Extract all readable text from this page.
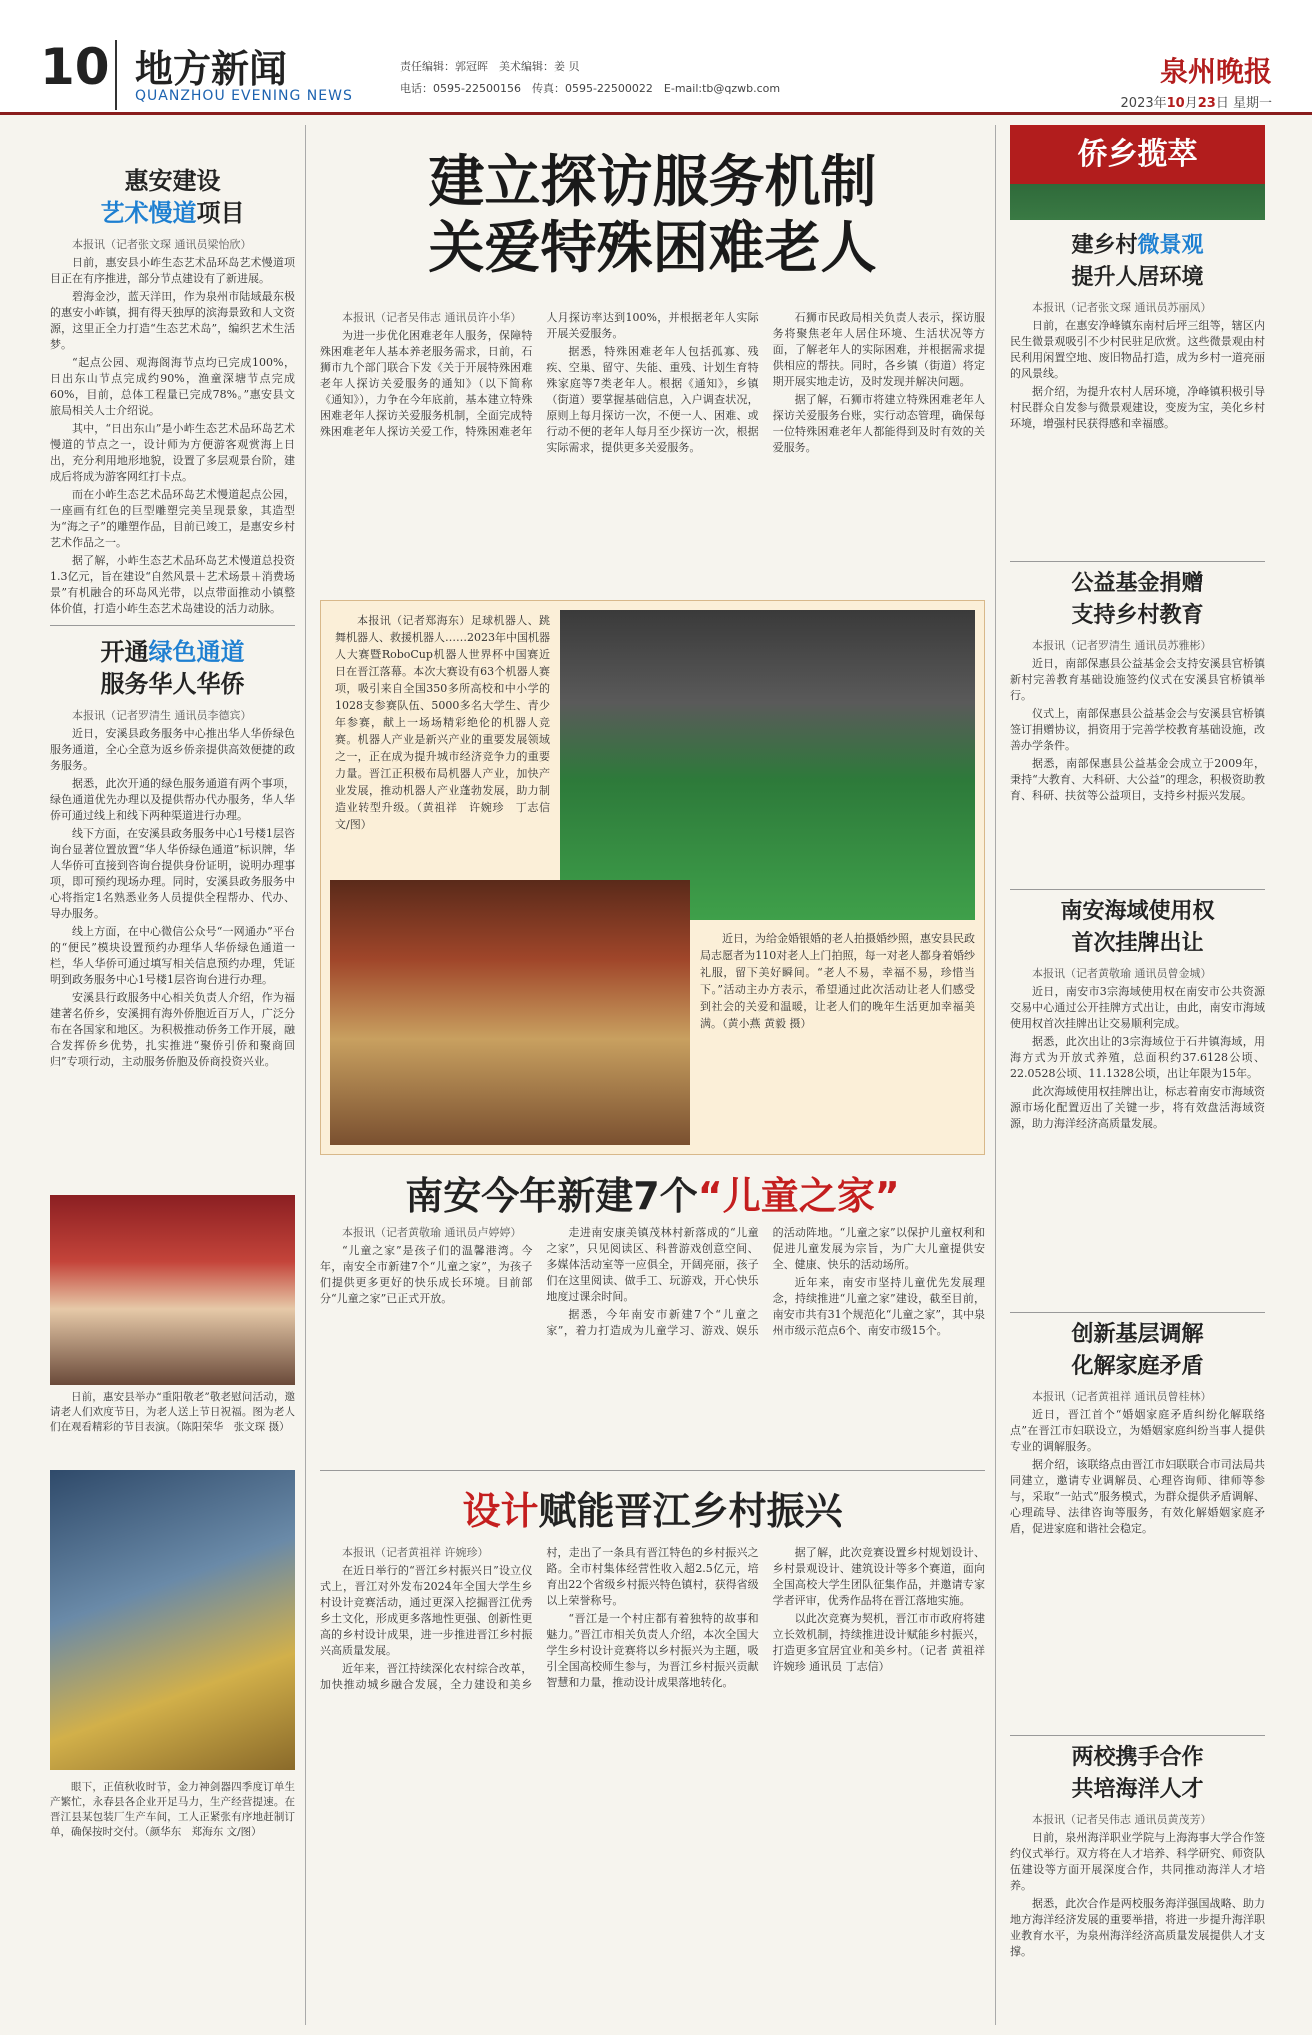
10 地方新闻
QUANZHOU EVENING NEWS
责任编辑：郭冠晖　美术编辑：姜 贝
电话：0595-22500156　传真：0595-22500022　E-mail:tb@qzwb.com
泉州晚报
2023年10月23日 星期一
惠安建设
艺术慢道项目

本报讯（记者张文琛 通讯员梁怡欣）

日前，惠安县小岞生态艺术品环岛艺术慢道项目正在有序推进，部分节点建设有了新进展。

碧海金沙，蓝天洋田，作为泉州市陆域最东极的惠安小岞镇，拥有得天独厚的滨海景致和人文资源，这里正全力打造“生态艺术岛”，编织艺术生活梦。

“起点公园、观海阁海节点均已完成100%，日出东山节点完成约90%，渔童深塘节点完成60%，目前，总体工程量已完成78%。”惠安县文旅局相关人士介绍说。

其中，“日出东山”是小岞生态艺术品环岛艺术慢道的节点之一，设计师为方便游客观赏海上日出，充分利用地形地貌，设置了多层观景台阶，建成后将成为游客网红打卡点。

而在小岞生态艺术品环岛艺术慢道起点公园，一座画有红色的巨型雕塑完美呈现景象，其造型为“海之子”的雕塑作品，目前已竣工，是惠安乡村艺术作品之一。

据了解，小岞生态艺术品环岛艺术慢道总投资1.3亿元，旨在建设“自然风景＋艺术场景＋消费场景”有机融合的环岛风光带，以点带面推动小镇整体价值，打造小岞生态艺术岛建设的活力动脉。

开通绿色通道
服务华人华侨

本报讯（记者罗清生 通讯员李德宾）

近日，安溪县政务服务中心推出华人华侨绿色服务通道，全心全意为返乡侨亲提供高效便捷的政务服务。

据悉，此次开通的绿色服务通道有两个事项，绿色通道优先办理以及提供帮办代办服务，华人华侨可通过线上和线下两种渠道进行办理。

线下方面，在安溪县政务服务中心1号楼1层咨询台显著位置放置“华人华侨绿色通道”标识牌，华人华侨可直接到咨询台提供身份证明，说明办理事项，即可预约现场办理。同时，安溪县政务服务中心将指定1名熟悉业务人员提供全程帮办、代办、导办服务。

线上方面，在中心微信公众号“一网通办”平台的“便民”模块设置预约办理华人华侨绿色通道一栏，华人华侨可通过填写相关信息预约办理，凭证明到政务服务中心1号楼1层咨询台进行办理。

安溪县行政服务中心相关负责人介绍，作为福建著名侨乡，安溪拥有海外侨胞近百万人，广泛分布在各国家和地区。为积极推动侨务工作开展，融合发挥侨乡优势，扎实推进“聚侨引侨和聚商回归”专项行动，主动服务侨胞及侨商投资兴业。

日前，惠安县举办“重阳敬老”敬老慰问活动，邀请老人们欢度节日，为老人送上节日祝福。图为老人们在观看精彩的节目表演。（陈阳荣华　张文琛 摄）
眼下，正值秋收时节，金力神剑器四季度订单生产繁忙，永春县各企业开足马力，生产经营提速。在晋江县某包装厂生产车间，工人正紧张有序地赶制订单，确保按时交付。（颜华东　郑海东 文/图）
建立探访服务机制
关爱特殊困难老人

本报讯（记者吴伟志 通讯员许小华）

为进一步优化困难老年人服务，保障特殊困难老年人基本养老服务需求，日前，石狮市九个部门联合下发《关于开展特殊困难老年人探访关爱服务的通知》（以下简称《通知》），力争在今年底前，基本建立特殊困难老年人探访关爱服务机制，全面完成特殊困难老年人探访关爱工作，特殊困难老年人月探访率达到100%，并根据老年人实际开展关爱服务。

据悉，特殊困难老年人包括孤寡、残疾、空巢、留守、失能、重残、计划生育特殊家庭等7类老年人。根据《通知》，乡镇（街道）要掌握基础信息，入户调查状况，原则上每月探访一次，不便一人、困难、或行动不便的老年人每月至少探访一次，根据实际需求，提供更多关爱服务。

石狮市民政局相关负责人表示，探访服务将聚焦老年人居住环境、生活状况等方面，了解老年人的实际困难，并根据需求提供相应的帮扶。同时，各乡镇（街道）将定期开展实地走访，及时发现并解决问题。

据了解，石狮市将建立特殊困难老年人探访关爱服务台账，实行动态管理，确保每一位特殊困难老年人都能得到及时有效的关爱服务。

本报讯（记者郑海东）足球机器人、跳舞机器人、救援机器人……2023年中国机器人大赛暨RoboCup机器人世界杯中国赛近日在晋江落幕。本次大赛设有63个机器人赛项，吸引来自全国350多所高校和中小学的1028支参赛队伍、5000多名大学生、青少年参赛，献上一场场精彩绝伦的机器人竞赛。机器人产业是新兴产业的重要发展领域之一，正在成为提升城市经济竞争力的重要力量。晋江正积极布局机器人产业，加快产业发展，推动机器人产业蓬勃发展，助力制造业转型升级。（黄祖祥　许婉珍　丁志信 文/图）
近日，为给金婚银婚的老人拍摄婚纱照，惠安县民政局志愿者为110对老人上门拍照，每一对老人都身着婚纱礼服，留下美好瞬间。“老人不易，幸福不易，珍惜当下。”活动主办方表示，希望通过此次活动让老人们感受到社会的关爱和温暖，让老人们的晚年生活更加幸福美满。（黄小燕 黄毅 摄）
南安今年新建7个“儿童之家”

本报讯（记者黄敬瑜 通讯员卢婷婷）

“儿童之家”是孩子们的温馨港湾。今年，南安全市新建7个“儿童之家”，为孩子们提供更多更好的快乐成长环境。目前部分“儿童之家”已正式开放。

走进南安康美镇茂林村新落成的“儿童之家”，只见阅读区、科普游戏创意空间、多媒体活动室等一应俱全，开阔亮丽，孩子们在这里阅读、做手工、玩游戏，开心快乐地度过课余时间。

据悉，今年南安市新建7个“儿童之家”，着力打造成为儿童学习、游戏、娱乐的活动阵地。“儿童之家”以保护儿童权利和促进儿童发展为宗旨，为广大儿童提供安全、健康、快乐的活动场所。

近年来，南安市坚持儿童优先发展理念，持续推进“儿童之家”建设，截至目前，南安市共有31个规范化“儿童之家”，其中泉州市级示范点6个、南安市级15个。

设计赋能晋江乡村振兴

本报讯（记者黄祖祥 许婉珍）

在近日举行的“晋江乡村振兴日”设立仪式上，晋江对外发布2024年全国大学生乡村设计竞赛活动，通过更深入挖掘晋江优秀乡土文化，形成更多落地性更强、创新性更高的乡村设计成果，进一步推进晋江乡村振兴高质量发展。

近年来，晋江持续深化农村综合改革，加快推动城乡融合发展，全力建设和美乡村，走出了一条具有晋江特色的乡村振兴之路。全市村集体经营性收入超2.5亿元，培育出22个省级乡村振兴特色镇村，获得省级以上荣誉称号。

“晋江是一个村庄都有着独特的故事和魅力。”晋江市相关负责人介绍，本次全国大学生乡村设计竞赛将以乡村振兴为主题，吸引全国高校师生参与，为晋江乡村振兴贡献智慧和力量，推动设计成果落地转化。

据了解，此次竞赛设置乡村规划设计、乡村景观设计、建筑设计等多个赛道，面向全国高校大学生团队征集作品，并邀请专家学者评审，优秀作品将在晋江落地实施。

以此次竞赛为契机，晋江市市政府将建立长效机制，持续推进设计赋能乡村振兴，打造更多宜居宜业和美乡村。（记者 黄祖祥 许婉珍 通讯员 丁志信）

侨乡揽萃
建乡村微景观
提升人居环境

本报讯（记者张文琛 通讯员苏丽凤）

日前，在惠安净峰镇东南村后坪三组等，辖区内民生微景观吸引不少村民驻足欣赏。这些微景观由村民利用闲置空地、废旧物品打造，成为乡村一道亮丽的风景线。

据介绍，为提升农村人居环境，净峰镇积极引导村民群众自发参与微景观建设，变废为宝，美化乡村环境，增强村民获得感和幸福感。

公益基金捐赠
支持乡村教育

本报讯（记者罗清生 通讯员苏雅彬）

近日，南部保惠县公益基金会支持安溪县官桥镇新村完善教育基础设施签约仪式在安溪县官桥镇举行。

仪式上，南部保惠县公益基金会与安溪县官桥镇签订捐赠协议，捐资用于完善学校教育基础设施，改善办学条件。

据悉，南部保惠县公益基金会成立于2009年，秉持“大教育、大科研、大公益”的理念，积极资助教育、科研、扶贫等公益项目，支持乡村振兴发展。

南安海域使用权
首次挂牌出让

本报讯（记者黄敬瑜 通讯员曾金城）

近日，南安市3宗海域使用权在南安市公共资源交易中心通过公开挂牌方式出让，由此，南安市海域使用权首次挂牌出让交易顺利完成。

据悉，此次出让的3宗海域位于石井镇海域，用海方式为开放式养殖，总面积约37.6128公顷、22.0528公顷、11.1328公顷，出让年限为15年。

此次海域使用权挂牌出让，标志着南安市海域资源市场化配置迈出了关键一步，将有效盘活海域资源，助力海洋经济高质量发展。

创新基层调解
化解家庭矛盾

本报讯（记者黄祖祥 通讯员曾桂林）

近日，晋江首个“婚姻家庭矛盾纠纷化解联络点”在晋江市妇联设立，为婚姻家庭纠纷当事人提供专业的调解服务。

据介绍，该联络点由晋江市妇联联合市司法局共同建立，邀请专业调解员、心理咨询师、律师等参与，采取“一站式”服务模式，为群众提供矛盾调解、心理疏导、法律咨询等服务，有效化解婚姻家庭矛盾，促进家庭和谐社会稳定。

两校携手合作
共培海洋人才

本报讯（记者吴伟志 通讯员黄茂芳）

日前，泉州海洋职业学院与上海海事大学合作签约仪式举行。双方将在人才培养、科学研究、师资队伍建设等方面开展深度合作，共同推动海洋人才培养。

据悉，此次合作是两校服务海洋强国战略、助力地方海洋经济发展的重要举措，将进一步提升海洋职业教育水平，为泉州海洋经济高质量发展提供人才支撑。
